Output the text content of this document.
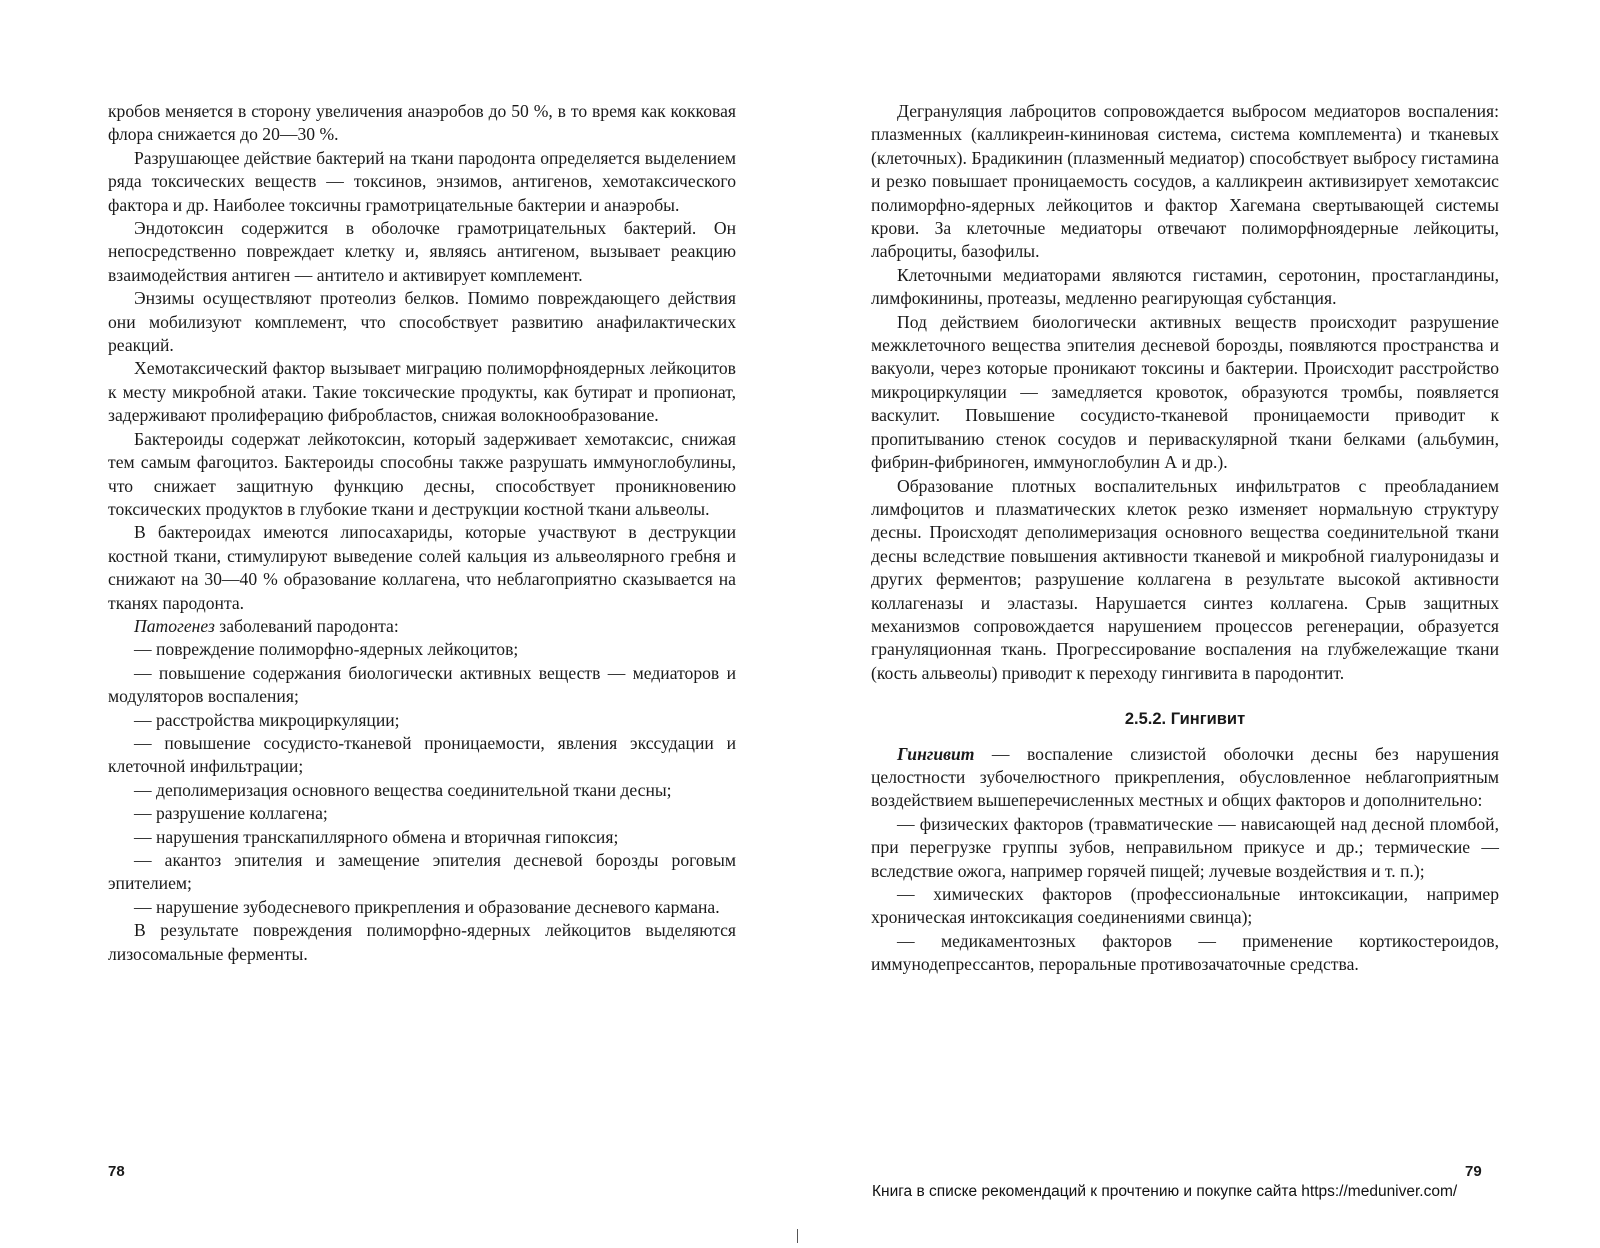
кробов меняется в сторону увеличения анаэробов до 50 %, в то время как кокковая флора снижается до 20—30 %.

Разрушающее действие бактерий на ткани пародонта определяется выделением ряда токсических веществ — токсинов, энзимов, антигенов, хемотаксического фактора и др. Наиболее токсичны грамотрицательные бактерии и анаэробы.

Эндотоксин содержится в оболочке грамотрицательных бактерий. Он непосредственно повреждает клетку и, являясь антигеном, вызывает реакцию взаимодействия антиген — антитело и активирует комплемент.

Энзимы осуществляют протеолиз белков. Помимо повреждающего действия они мобилизуют комплемент, что способствует развитию анафилактических реакций.

Хемотаксический фактор вызывает миграцию полиморфноядерных лейкоцитов к месту микробной атаки. Такие токсические продукты, как бутират и пропионат, задерживают пролиферацию фибробластов, снижая волокнообразование.

Бактероиды содержат лейкотоксин, который задерживает хемотаксис, снижая тем самым фагоцитоз. Бактероиды способны также разрушать иммуноглобулины, что снижает защитную функцию десны, способствует проникновению токсических продуктов в глубокие ткани и деструкции костной ткани альвеолы.

В бактероидах имеются липосахариды, которые участвуют в деструкции костной ткани, стимулируют выведение солей кальция из альвеолярного гребня и снижают на 30—40 % образование коллагена, что неблагоприятно сказывается на тканях пародонта.

Патогенез заболеваний пародонта:

— повреждение полиморфно-ядерных лейкоцитов;

— повышение содержания биологически активных веществ — медиаторов и модуляторов воспаления;

— расстройства микроциркуляции;

— повышение сосудисто-тканевой проницаемости, явления экссудации и клеточной инфильтрации;

— деполимеризация основного вещества соединительной ткани десны;

— разрушение коллагена;

— нарушения транскапиллярного обмена и вторичная гипоксия;

— акантоз эпителия и замещение эпителия десневой борозды роговым эпителием;

— нарушение зубодесневого прикрепления и образование десневого кармана.

В результате повреждения полиморфно-ядерных лейкоцитов выделяются лизосомальные ферменты.

78

Дегрануляция лаброцитов сопровождается выбросом медиаторов воспаления: плазменных (калликреин-кининовая система, система комплемента) и тканевых (клеточных). Брадикинин (плазменный медиатор) способствует выбросу гистамина и резко повышает проницаемость сосудов, а калликреин активизирует хемотаксис полиморфно-ядерных лейкоцитов и фактор Хагемана свертывающей системы крови. За клеточные медиаторы отвечают полиморфноядерные лейкоциты, лаброциты, базофилы.

Клеточными медиаторами являются гистамин, серотонин, простагландины, лимфокинины, протеазы, медленно реагирующая субстанция.

Под действием биологически активных веществ происходит разрушение межклеточного вещества эпителия десневой борозды, появляются пространства и вакуоли, через которые проникают токсины и бактерии. Происходит расстройство микроциркуляции — замедляется кровоток, образуются тромбы, появляется васкулит. Повышение сосудисто-тканевой проницаемости приводит к пропитыванию стенок сосудов и периваскулярной ткани белками (альбумин, фибрин-фибриноген, иммуноглобулин А и др.).

Образование плотных воспалительных инфильтратов с преобладанием лимфоцитов и плазматических клеток резко изменяет нормальную структуру десны. Происходят деполимеризация основного вещества соединительной ткани десны вследствие повышения активности тканевой и микробной гиалуронидазы и других ферментов; разрушение коллагена в результате высокой активности коллагеназы и эластазы. Нарушается синтез коллагена. Срыв защитных механизмов сопровождается нарушением процессов регенерации, образуется грануляционная ткань. Прогрессирование воспаления на глубжележащие ткани (кость альвеолы) приводит к переходу гингивита в пародонтит.

2.5.2. Гингивит

Гингивит — воспаление слизистой оболочки десны без нарушения целостности зубочелюстного прикрепления, обусловленное неблагоприятным воздействием вышеперечисленных местных и общих факторов и дополнительно:

— физических факторов (травматические — нависающей над десной пломбой, при перегрузке группы зубов, неправильном прикусе и др.; термические — вследствие ожога, например горячей пищей; лучевые воздействия и т. п.);

— химических факторов (профессиональные интоксикации, например хроническая интоксикация соединениями свинца);

— медикаментозных факторов — применение кортикостероидов, иммунодепрессантов, пероральные противозачаточные средства.

79
Книга в списке рекомендаций к прочтению и покупке сайта https://meduniver.com/
